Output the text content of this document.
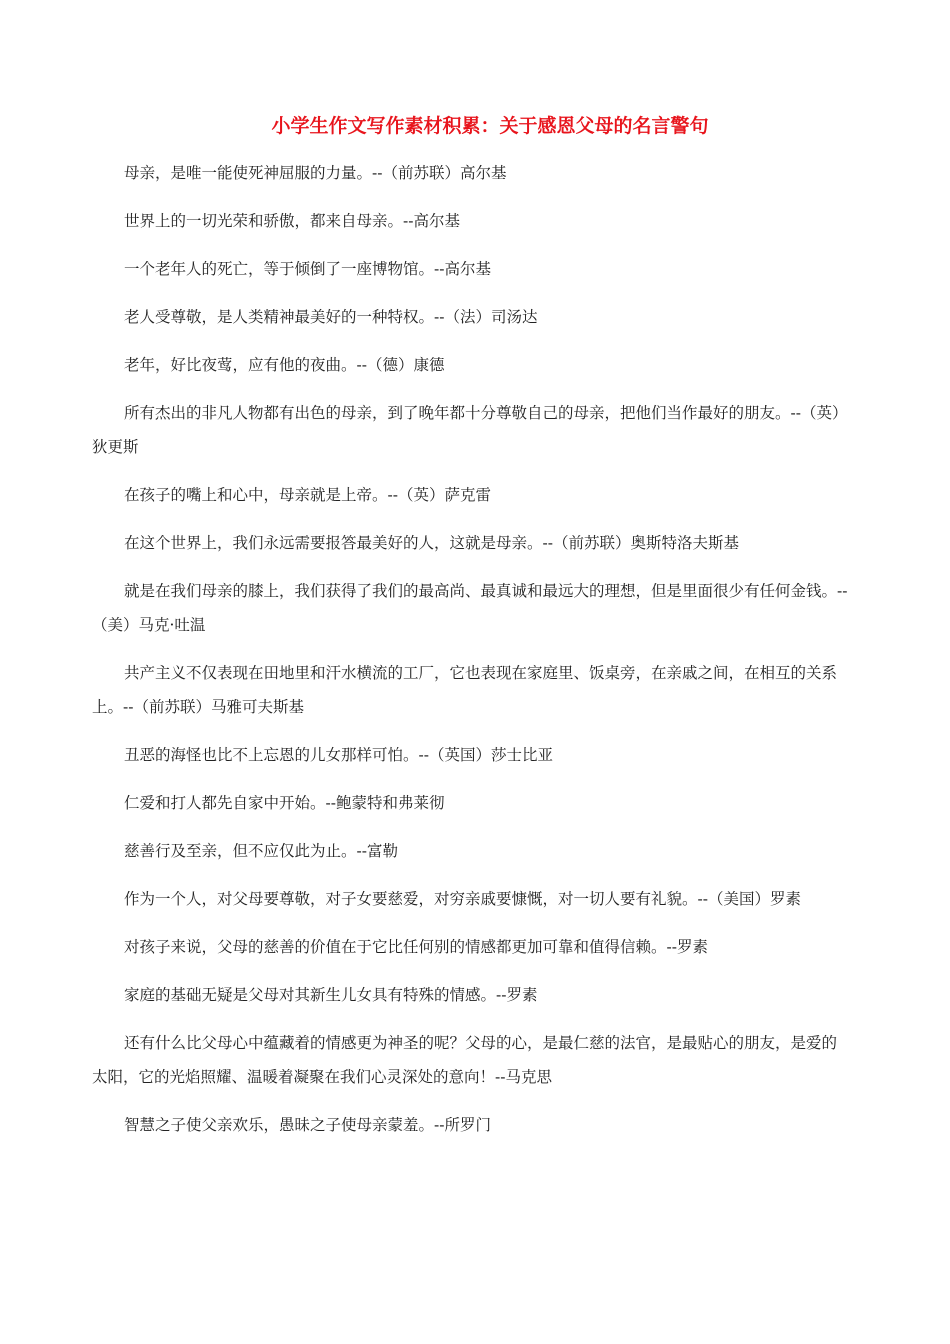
小学生作文写作素材积累：关于感恩父母的名言警句

母亲，是唯一能使死神屈服的力量。--（前苏联）高尔基

世界上的一切光荣和骄傲，都来自母亲。--高尔基

一个老年人的死亡，等于倾倒了一座博物馆。--高尔基

老人受尊敬，是人类精神最美好的一种特权。--（法）司汤达

老年，好比夜莺，应有他的夜曲。--（德）康德

所有杰出的非凡人物都有出色的母亲，到了晚年都十分尊敬自己的母亲，把他们当作最好的朋友。--（英）狄更斯

在孩子的嘴上和心中，母亲就是上帝。--（英）萨克雷

在这个世界上，我们永远需要报答最美好的人，这就是母亲。--（前苏联）奥斯特洛夫斯基

就是在我们母亲的膝上，我们获得了我们的最高尚、最真诚和最远大的理想，但是里面很少有任何金钱。--（美）马克·吐温

共产主义不仅表现在田地里和汗水横流的工厂，它也表现在家庭里、饭桌旁，在亲戚之间，在相互的关系上。--（前苏联）马雅可夫斯基

丑恶的海怪也比不上忘恩的儿女那样可怕。--（英国）莎士比亚

仁爱和打人都先自家中开始。--鲍蒙特和弗莱彻

慈善行及至亲，但不应仅此为止。--富勒

作为一个人，对父母要尊敬，对子女要慈爱，对穷亲戚要慷慨，对一切人要有礼貌。--（美国）罗素

对孩子来说，父母的慈善的价值在于它比任何别的情感都更加可靠和值得信赖。--罗素

家庭的基础无疑是父母对其新生儿女具有特殊的情感。--罗素

还有什么比父母心中蕴藏着的情感更为神圣的呢？父母的心，是最仁慈的法官，是最贴心的朋友，是爱的太阳，它的光焰照耀、温暖着凝聚在我们心灵深处的意向！--马克思

智慧之子使父亲欢乐，愚昧之子使母亲蒙羞。--所罗门
